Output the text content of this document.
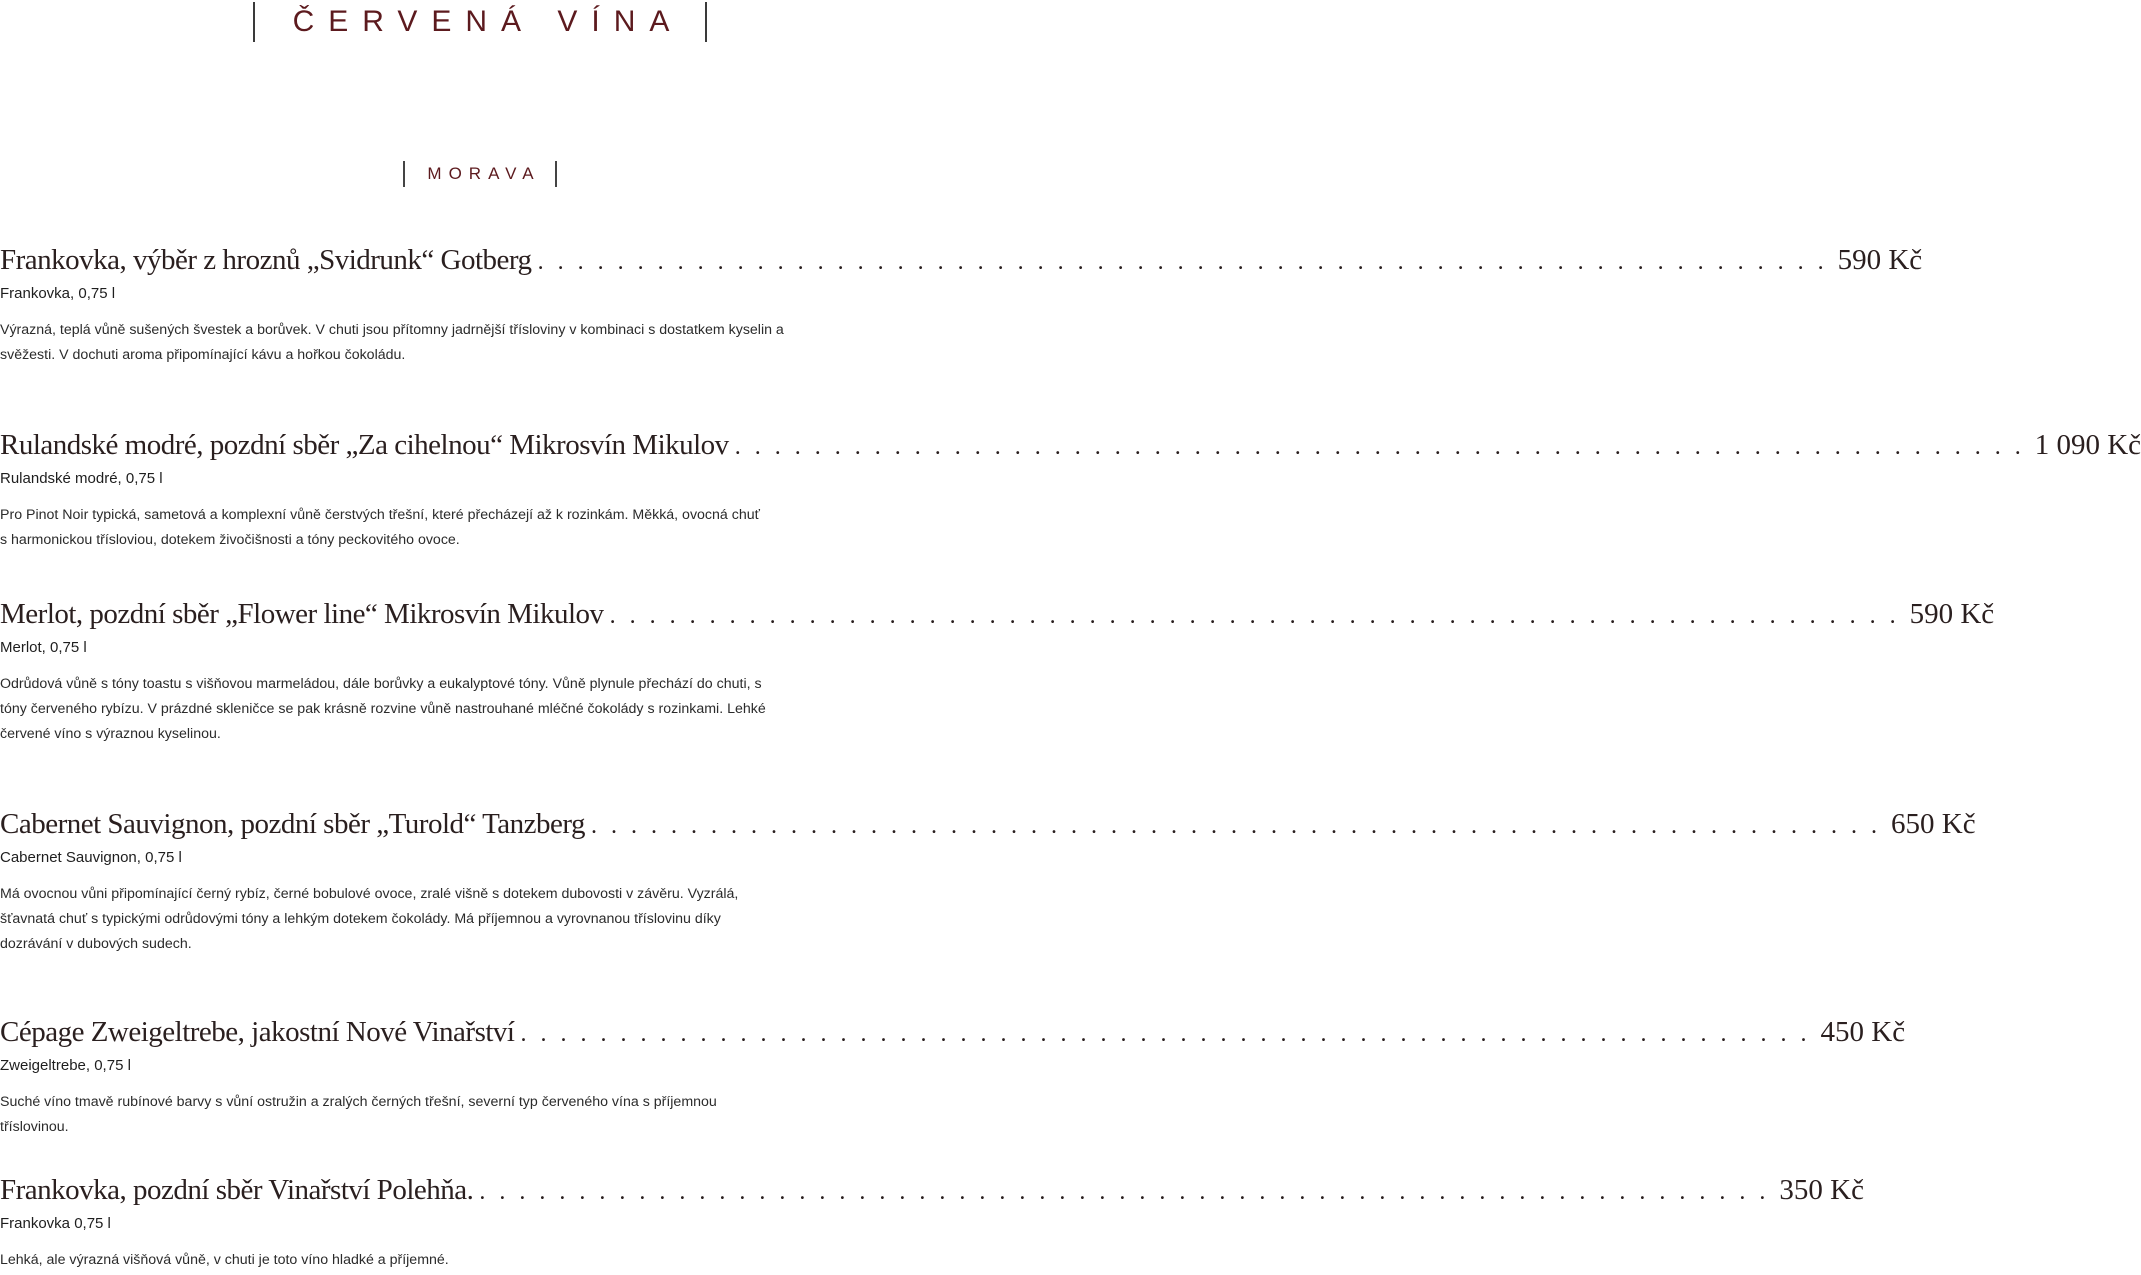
ČERVENÁ VÍNA
MORAVA
Frankovka, výběr z hroznů „Svidrunk“ Gotberg . . . . . . . . . . . . . . . . . . . . . . . . . . . . . . . . . . . . . . . . . . . . . . . . . . . . . . . . . . . . . . . . . 590 Kč
Frankovka, 0,75 l
Výrazná, teplá vůně sušených švestek a borůvek. V chuti jsou přítomny jadrnější třísloviny v kombinaci s dostatkem kyselin a svěžesti. V dochuti aroma připomínající kávu a hořkou čokoládu.
Rulandské modré, pozdní sběr „Za cihelnou“ Mikrosvín Mikulov . . . . . . . . . . . . . . . . . . . . . . . . . . . . . . . . . . . . . . . . . . . . . . . . . . . . . . . . . . . . . . . . . 1 090 Kč
Rulandské modré, 0,75 l
Pro Pinot Noir typická, sametová a komplexní vůně čerstvých třešní, které přecházejí až k rozinkám. Měkká, ovocná chuť s harmonickou třísloviou, dotekem živočišnosti a tóny peckovitého ovoce.
Merlot, pozdní sběr „Flower line“ Mikrosvín Mikulov . . . . . . . . . . . . . . . . . . . . . . . . . . . . . . . . . . . . . . . . . . . . . . . . . . . . . . . . . . . . . . . . . 590 Kč
Merlot, 0,75 l
Odrůdová vůně s tóny toastu s višňovou marmeládou, dále borůvky a eukalyptové tóny. Vůně plynule přechází do chuti, s tóny červeného rybízu. V prázdné skleničce se pak krásně rozvine vůně nastrouhané mléčné čokolády s rozinkami. Lehké červené víno s výraznou kyselinou.
Cabernet Sauvignon, pozdní sběr „Turold“ Tanzberg . . . . . . . . . . . . . . . . . . . . . . . . . . . . . . . . . . . . . . . . . . . . . . . . . . . . . . . . . . . . . . . . . 650 Kč
Cabernet Sauvignon, 0,75 l
Má ovocnou vůni připomínající černý rybíz, černé bobulové ovoce, zralé višně s dotekem dubovosti v závěru. Vyzrálá, šťavnatá chuť s typickými odrůdovými tóny a lehkým dotekem čokolády. Má příjemnou a vyrovnanou tříslovinu díky dozrávání v dubových sudech.
Cépage Zweigeltrebe, jakostní Nové Vinařství . . . . . . . . . . . . . . . . . . . . . . . . . . . . . . . . . . . . . . . . . . . . . . . . . . . . . . . . . . . . . . . . . 450 Kč
Zweigeltrebe, 0,75 l
Suché víno tmavě rubínové barvy s vůní ostružin a zralých černých třešní, severní typ červeného vína s příjemnou tříslovinou.
Frankovka, pozdní sběr Vinařství Polehňa. . . . . . . . . . . . . . . . . . . . . . . . . . . . . . . . . . . . . . . . . . . . . . . . . . . . . . . . . . . . . . . . . . 350 Kč
Frankovka 0,75 l
Lehká, ale výrazná višňová vůně, v chuti je toto víno hladké a příjemné.
